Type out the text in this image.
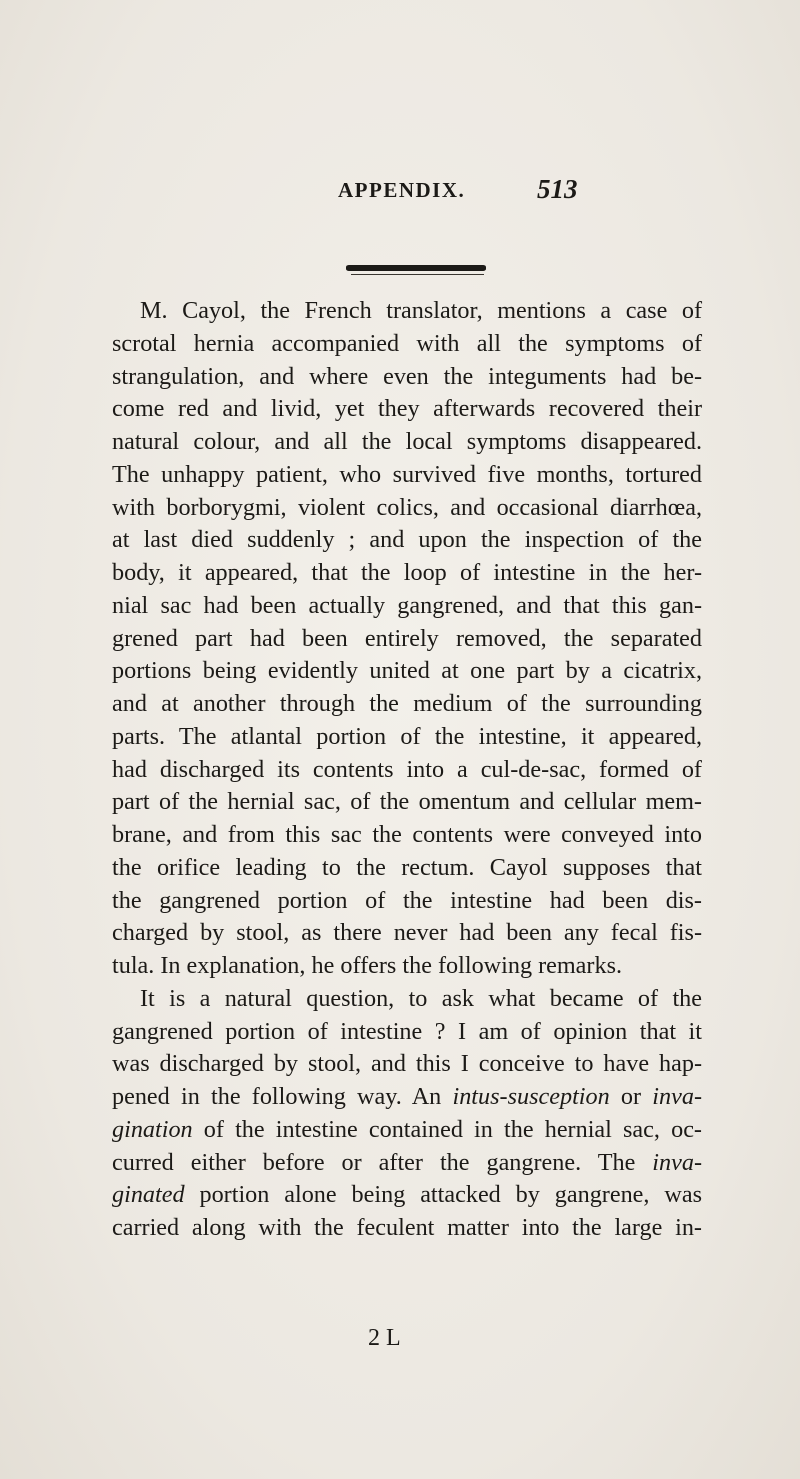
APPENDIX.	513
M. Cayol, the French translator, mentions a case of
scrotal hernia accompanied with all the symptoms of
strangulation, and where even the integuments had be-
come red and livid, yet they afterwards recovered their
natural colour, and all the local symptoms disappeared.
The unhappy patient, who survived five months, tortured
with borborygmi, violent colics, and occasional diarrhœa,
at last died suddenly ; and upon the inspection of the
body, it appeared, that the loop of intestine in the her-
nial sac had been actually gangrened, and that this gan-
grened part had been entirely removed, the separated
portions being evidently united at one part by a cicatrix,
and at another through the medium of the surrounding
parts. The atlantal portion of the intestine, it appeared,
had discharged its contents into a cul-de-sac, formed of
part of the hernial sac, of the omentum and cellular mem-
brane, and from this sac the contents were conveyed into
the orifice leading to the rectum. Cayol supposes that
the gangrened portion of the intestine had been dis-
charged by stool, as there never had been any fecal fis-
tula. In explanation, he offers the following remarks.
It is a natural question, to ask what became of the
gangrened portion of intestine ? I am of opinion that it
was discharged by stool, and this I conceive to have hap-
pened in the following way. An intus-susception or inva-
gination of the intestine contained in the hernial sac, oc-
curred either before or after the gangrene. The inva-
ginated portion alone being attacked by gangrene, was
carried along with the feculent matter into the large in-
2 L
